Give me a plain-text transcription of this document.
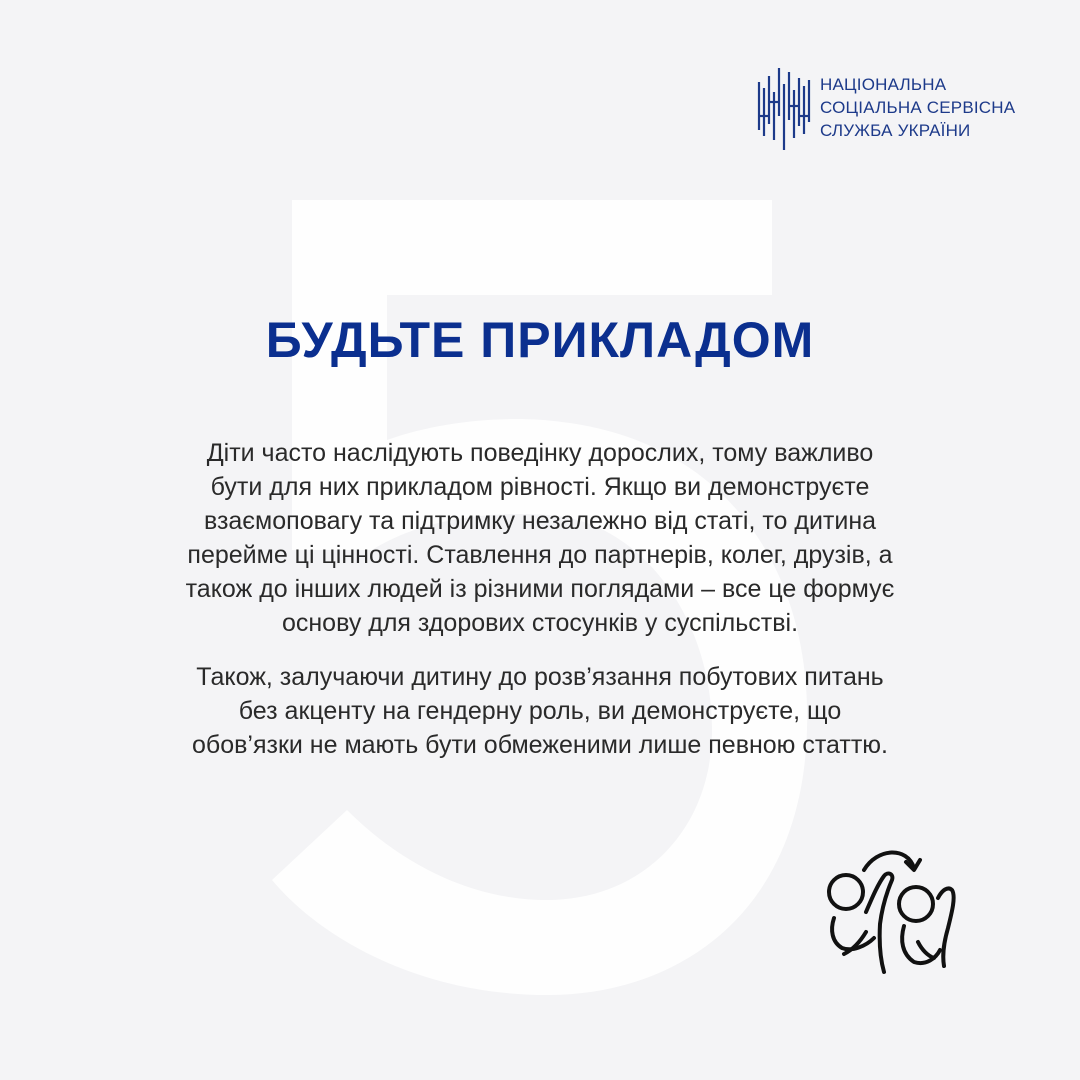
НАЦІОНАЛЬНА
СОЦІАЛЬНА СЕРВІСНА
СЛУЖБА УКРАЇНИ
БУДЬТЕ ПРИКЛАДОМ

Діти часто наслідують поведінку дорослих, тому важливо
бути для них прикладом рівності. Якщо ви демонструєте
взаємоповагу та підтримку незалежно від статі, то дитина
перейме ці цінності. Ставлення до партнерів, колег, друзів, а
також до інших людей із різними поглядами – все це формує
основу для здорових стосунків у суспільстві.

Також, залучаючи дитину до розв’язання побутових питань
без акценту на гендерну роль, ви демонструєте, що
обов’язки не мають бути обмеженими лише певною статтю.
